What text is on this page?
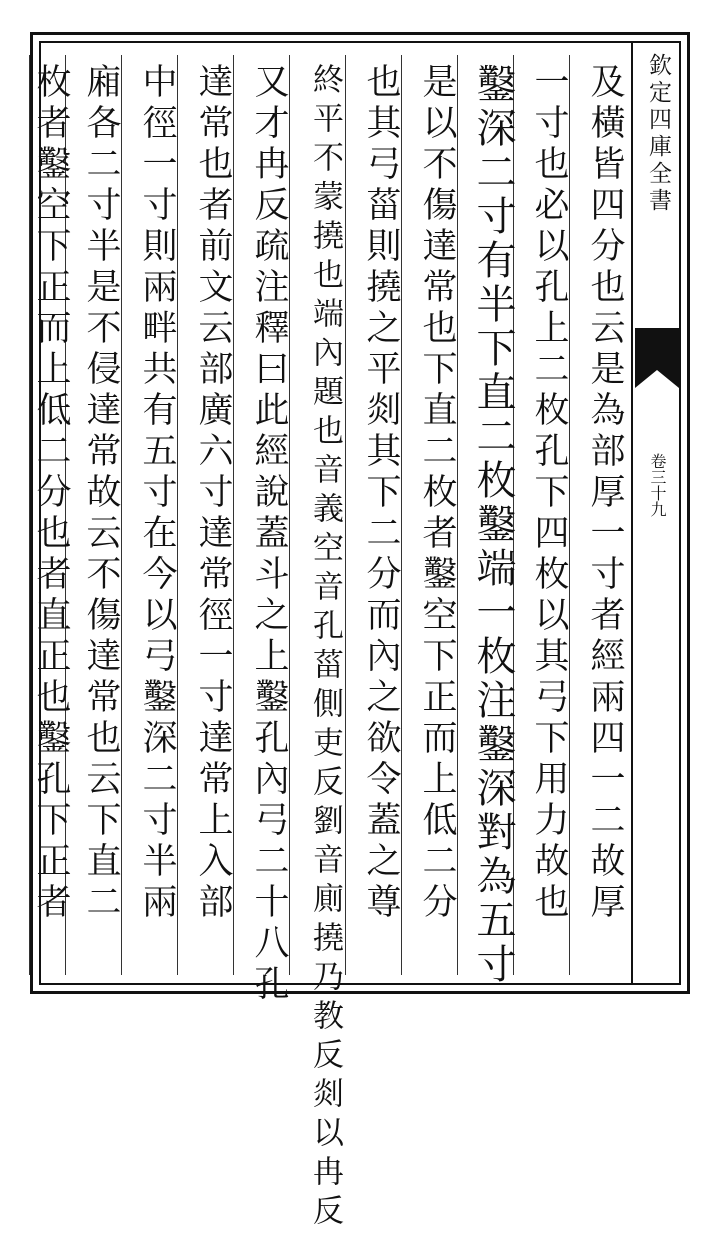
欽定四庫全書
卷三十九
及橫皆四分也云是為部厚一寸者經兩四一二故厚
一寸也必以孔上二枚孔下四枚以其弓下用力故也
鑿深二寸有半下直二枚鑿端一枚注鑿深對為五寸
是以不傷達常也下直二枚者鑿空下正而上低二分
也其弓菑則撓之平剡其下二分而內之欲令蓋之尊
終平不蒙撓也端內題也音義空音孔菑側吏反劉音廁撓乃教反剡以冉反
又才冉反疏注釋曰此經說蓋斗之上鑿孔內弓二十八孔
達常也者前文云部廣六寸達常徑一寸達常上入部
中徑一寸則兩畔共有五寸在今以弓鑿深二寸半兩
廂各二寸半是不侵達常故云不傷達常也云下直二
枚者鑿空下正而上低二分也者直正也鑿孔下正者
